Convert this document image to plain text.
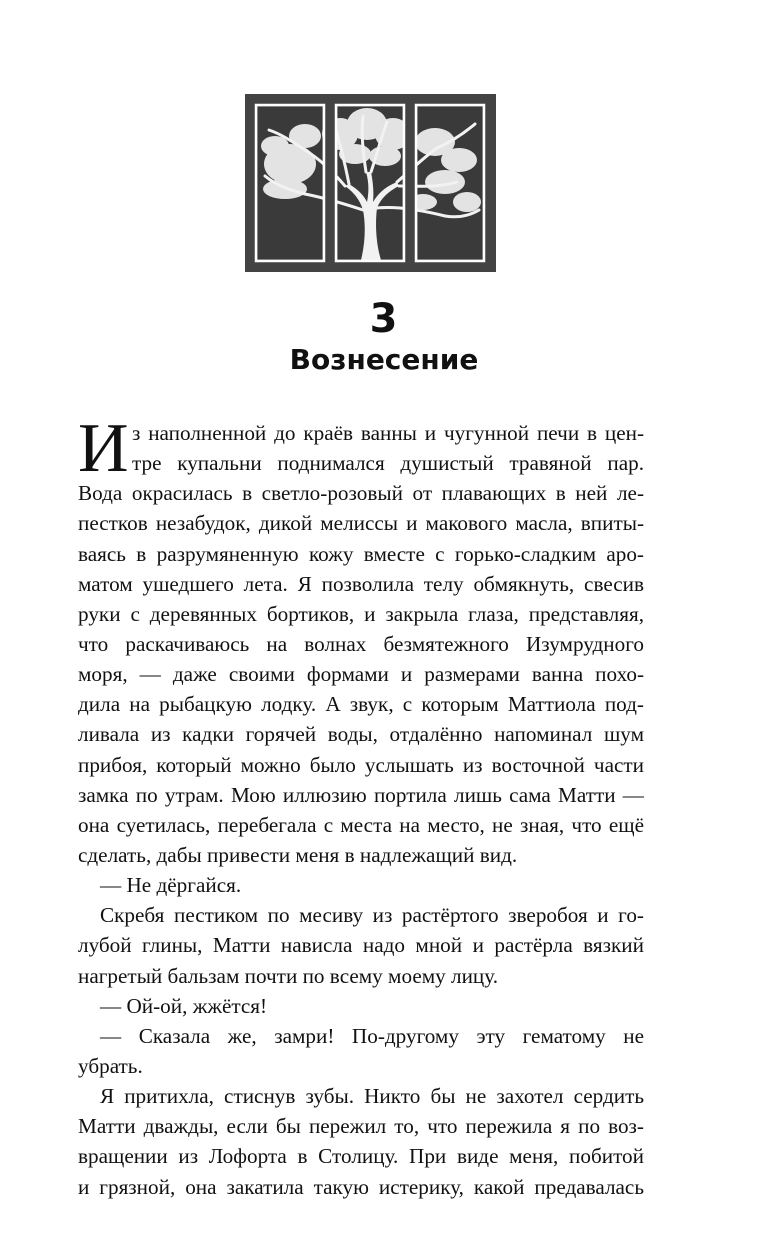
3
Вознесение
И з наполненной до краёв ванны и чугунной печи в цен-
тре купальни поднимался душистый травяной пар.
Вода окрасилась в светло-розовый от плавающих в ней ле-
пестков незабудок, дикой мелиссы и макового масла, впиты-
ваясь в разрумяненную кожу вместе с горько-сладким аро-
матом ушедшего лета. Я позволила телу обмякнуть, свесив
руки с деревянных бортиков, и закрыла глаза, представляя,
что раскачиваюсь на волнах безмятежного Изумрудного
моря, — даже своими формами и размерами ванна похо-
дила на рыбацкую лодку. А звук, с которым Маттиола под-
ливала из кадки горячей воды, отдалённо напоминал шум
прибоя, который можно было услышать из восточной части
замка по утрам. Мою иллюзию портила лишь сама Матти —
она суетилась, перебегала с места на место, не зная, что ещё
сделать, дабы привести меня в надлежащий вид.
— Не дёргайся.
Скребя пестиком по месиву из растёртого зверобоя и го-
лубой глины, Матти нависла надо мной и растёрла вязкий
нагретый бальзам почти по всему моему лицу.
— Ой-ой, жжётся!
— Сказала же, замри! По-другому эту гематому не
убрать.
Я притихла, стиснув зубы. Никто бы не захотел сердить
Матти дважды, если бы пережил то, что пережила я по воз-
вращении из Лофорта в Столицу. При виде меня, побитой
и грязной, она закатила такую истерику, какой предавалась
